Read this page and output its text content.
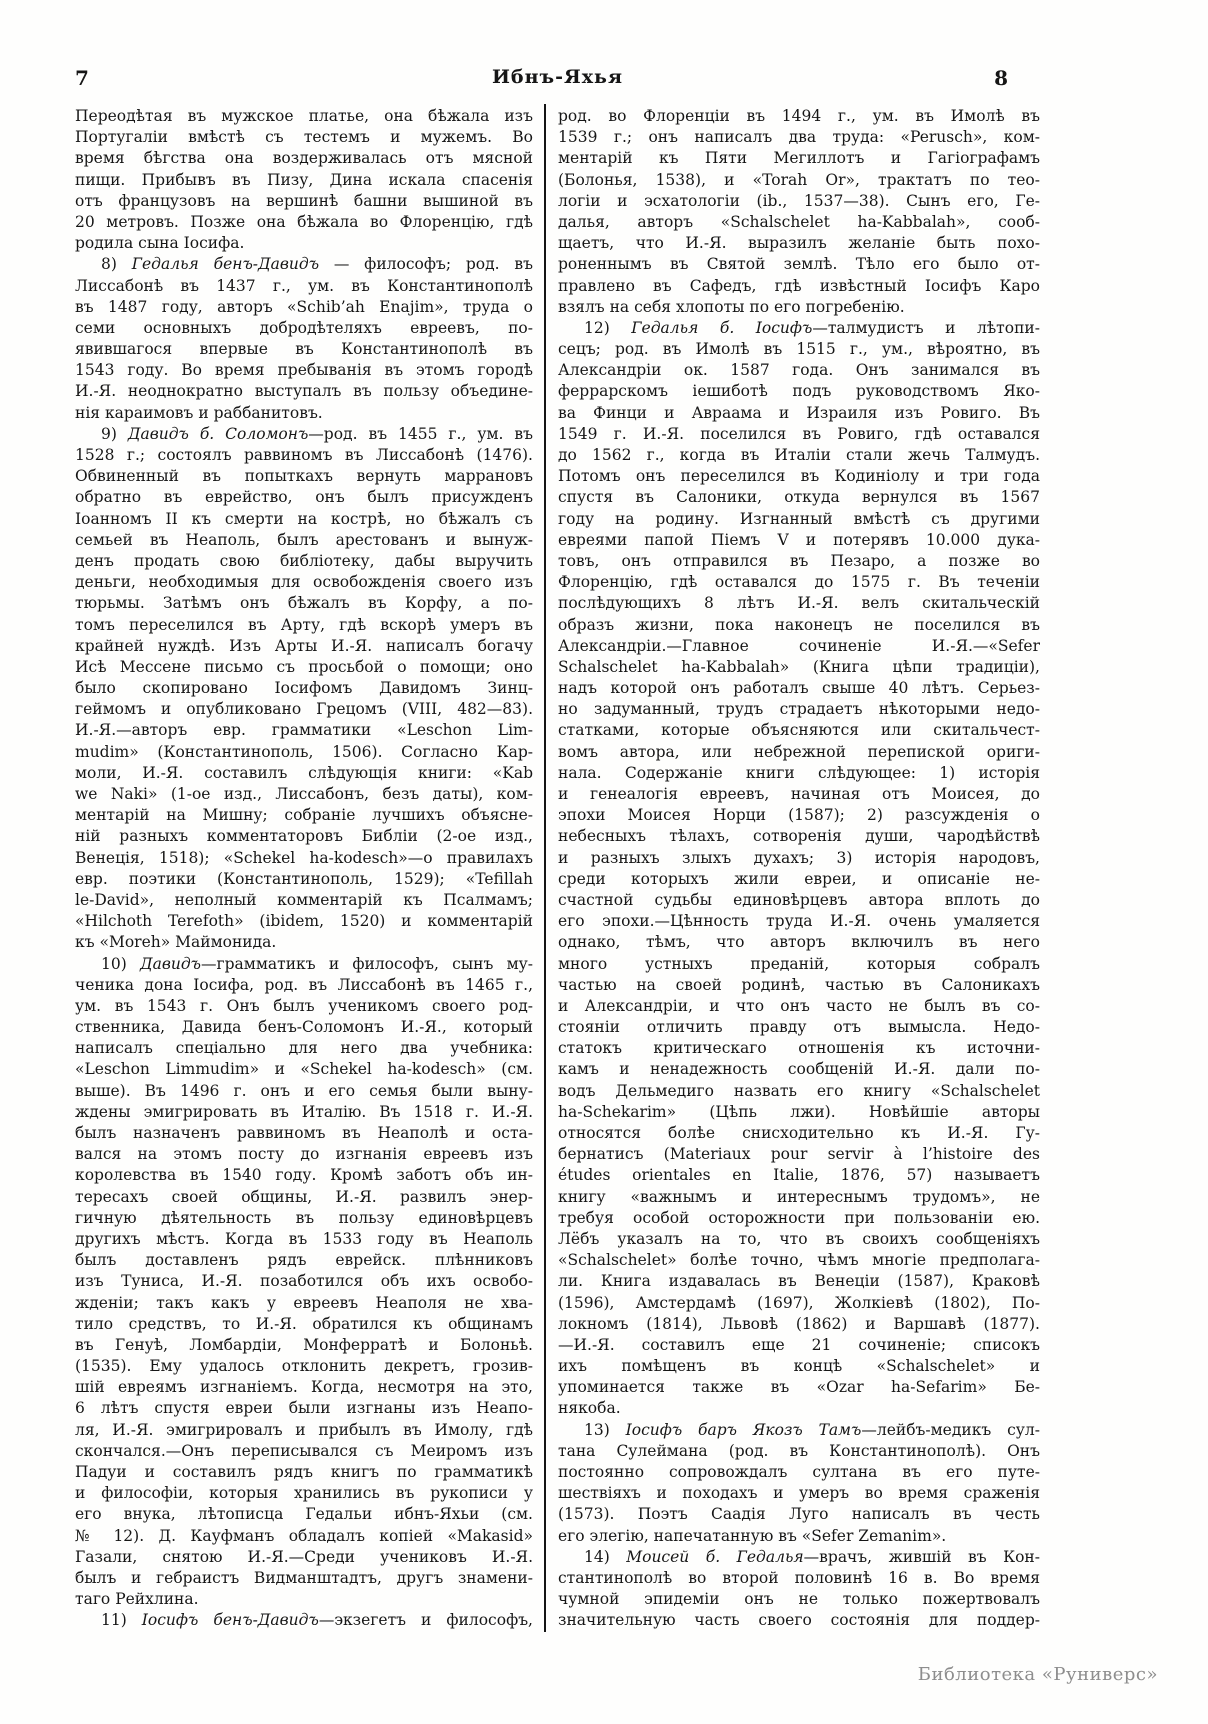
7	Ибнъ-Яхья	8
Переодѣтая въ мужское платье, она бѣжала изъ
Португаліи вмѣстѣ съ тестемъ и мужемъ. Во
время бѣгства она воздерживалась отъ мясной
пищи. Прибывъ въ Пизу, Дина искала спасенія
отъ французовъ на вершинѣ башни вышиной въ
20 метровъ. Позже она бѣжала во Флоренцію, гдѣ
родила сына Іосифа.
8) Гедалья бенъ-Давидъ — философъ; род. въ
Лиссабонѣ въ 1437 г., ум. въ Константинополѣ
въ 1487 году, авторъ «Schib’ah Enajim», труда о
семи основныхъ добродѣтеляхъ евреевъ, по-
явившагося впервые въ Константинополѣ въ
1543 году. Во время пребыванія въ этомъ городѣ
И.-Я. неоднократно выступалъ въ пользу объедине-
нія караимовъ и раббанитовъ.
9) Давидъ б. Соломонъ—род. въ 1455 г., ум. въ
1528 г.; состоялъ раввиномъ въ Лиссабонѣ (1476).
Обвиненный въ попыткахъ вернуть маррановъ
обратно въ еврейство, онъ былъ присужденъ
Іоанномъ II къ смерти на кострѣ, но бѣжалъ съ
семьей въ Неаполь, былъ арестованъ и вынуж-
денъ продать свою библіотеку, дабы выручить
деньги, необходимыя для освобожденія своего изъ
тюрьмы. Затѣмъ онъ бѣжалъ въ Корфу, а по-
томъ переселился въ Арту, гдѣ вскорѣ умеръ въ
крайней нуждѣ. Изъ Арты И.-Я. написалъ богачу
Исѣ Мессене письмо съ просьбой о помощи; оно
было скопировано Іосифомъ Давидомъ Зинц-
геймомъ и опубликовано Грецомъ (VIII, 482—83).
И.-Я.—авторъ евр. грамматики «Leschon Lim-
mudim» (Константинополь, 1506). Согласно Кар-
моли, И.-Я. составилъ слѣдующія книги: «Kab
we Naki» (1-ое изд., Лиссабонъ, безъ даты), ком-
ментарій на Мишну; собраніе лучшихъ объясне-
ній разныхъ комментаторовъ Библіи (2-ое изд.,
Венеція, 1518); «Schekel ha-kodesch»—о правилахъ
евр. поэтики (Константинополь, 1529); «Tefillah
le-David», неполный комментарій къ Псалмамъ;
«Hilchoth Terefoth» (ibidem, 1520) и комментарій
къ «Moreh» Маймонида.
10) Давидъ—грамматикъ и философъ, сынъ му-
ченика дона Іосифа, род. въ Лиссабонѣ въ 1465 г.,
ум. въ 1543 г. Онъ былъ ученикомъ своего род-
ственника, Давида бенъ-Соломонъ И.-Я., который
написалъ спеціально для него два учебника:
«Leschon Limmudim» и «Schekel ha-kodesch» (см.
выше). Въ 1496 г. онъ и его семья были выну-
ждены эмигрировать въ Италію. Въ 1518 г. И.-Я.
былъ назначенъ раввиномъ въ Неаполѣ и оста-
вался на этомъ посту до изгнанія евреевъ изъ
королевства въ 1540 году. Кромѣ заботъ объ ин-
тересахъ своей общины, И.-Я. развилъ энер-
гичную дѣятельность въ пользу единовѣрцевъ
другихъ мѣстъ. Когда въ 1533 году въ Неаполь
былъ доставленъ рядъ еврейск. плѣнниковъ
изъ Туниса, И.-Я. позаботился объ ихъ освобо-
жденіи; такъ какъ у евреевъ Неаполя не хва-
тило средствъ, то И.-Я. обратился къ общинамъ
въ Генуѣ, Ломбардіи, Монферратѣ и Болоньѣ.
(1535). Ему удалось отклонить декретъ, грозив-
шій евреямъ изгнаніемъ. Когда, несмотря на это,
6 лѣтъ спустя евреи были изгнаны изъ Неапо-
ля, И.-Я. эмигрировалъ и прибылъ въ Имолу, гдѣ
скончался.—Онъ переписывался съ Меиромъ изъ
Падуи и составилъ рядъ книгъ по грамматикѣ
и философіи, которыя хранились въ рукописи у
его внука, лѣтописца Гедальи ибнъ-Яхьи (см.
№ 12). Д. Кауфманъ обладалъ копіей «Makasid»
Газали, снятою И.-Я.—Среди учениковъ И.-Я.
былъ и гебраистъ Видманштадтъ, другъ знамени-
таго Рейхлина.
11) Іосифъ бенъ-Давидъ—экзегетъ и философъ,
род. во Флоренціи въ 1494 г., ум. въ Имолѣ въ
1539 г.; онъ написалъ два труда: «Perusch», ком-
ментарій къ Пяти Мегиллотъ и Гагіографамъ
(Болонья, 1538), и «Torah Or», трактатъ по тео-
логіи и эсхатологіи (ib., 1537—38). Сынъ его, Ге-
далья, авторъ «Schalschelet ha-Kabbalah», сооб-
щаетъ, что И.-Я. выразилъ желаніе быть похо-
роненнымъ въ Святой землѣ. Тѣло его было от-
правлено въ Сафедъ, гдѣ извѣстный Іосифъ Каро
взялъ на себя хлопоты по его погребенію.
12) Гедалья б. Іосифъ—талмудистъ и лѣтопи-
сецъ; род. въ Имолѣ въ 1515 г., ум., вѣроятно, въ
Александріи ок. 1587 года. Онъ занимался въ
феррарскомъ іешиботѣ подъ руководствомъ Яко-
ва Финци и Авраама и Израиля изъ Ровиго. Въ
1549 г. И.-Я. поселился въ Ровиго, гдѣ оставался
до 1562 г., когда въ Италіи стали жечь Талмудъ.
Потомъ онъ переселился въ Кодиніолу и три года
спустя въ Салоники, откуда вернулся въ 1567
году на родину. Изгнанный вмѣстѣ съ другими
евреями папой Піемъ V и потерявъ 10.000 дука-
товъ, онъ отправился въ Пезаро, а позже во
Флоренцію, гдѣ оставался до 1575 г. Въ теченіи
послѣдующихъ 8 лѣтъ И.-Я. велъ скитальческій
образъ жизни, пока наконецъ не поселился въ
Александріи.—Главное сочиненіе И.-Я.—«Sefer
Schalschelet ha-Kabbalah» (Книга цѣпи традиціи),
надъ которой онъ работалъ свыше 40 лѣтъ. Серьез-
но задуманный, трудъ страдаетъ нѣкоторыми недо-
статками, которые объясняются или скитальчест-
вомъ автора, или небрежной перепиской ориги-
нала. Содержаніе книги слѣдующее: 1) исторія
и генеалогія евреевъ, начиная отъ Моисея, до
эпохи Моисея Норци (1587); 2) разсужденія о
небесныхъ тѣлахъ, сотворенія души, чародѣйствѣ
и разныхъ злыхъ духахъ; 3) исторія народовъ,
среди которыхъ жили евреи, и описаніе не-
счастной судьбы единовѣрцевъ автора вплоть до
его эпохи.—Цѣнность труда И.-Я. очень умаляется
однако, тѣмъ, что авторъ включилъ въ него
много устныхъ преданій, которыя собралъ
частью на своей родинѣ, частью въ Салоникахъ
и Александріи, и что онъ часто не былъ въ со-
стояніи отличить правду отъ вымысла. Недо-
статокъ критическаго отношенія къ источни-
камъ и ненадежность сообщеній И.-Я. дали по-
водъ Дельмедиго назвать его книгу «Schalschelet
ha-Schekarim» (Цѣпь лжи). Новѣйшіе авторы
относятся болѣе снисходительно къ И.-Я. Гу-
бернатисъ (Materiaux pour servir à l’histoire des
études orientales en Italie, 1876, 57) называетъ
книгу «важнымъ и интереснымъ трудомъ», не
требуя особой осторожности при пользованіи ею.
Лёбъ указалъ на то, что въ своихъ сообщеніяхъ
«Schalschelet» болѣе точно, чѣмъ многіе предполага-
ли. Книга издавалась въ Венеціи (1587), Краковѣ
(1596), Амстердамѣ (1697), Жолкіевѣ (1802), По-
локномъ (1814), Львовѣ (1862) и Варшавѣ (1877).
—И.-Я. составилъ еще 21 сочиненіе; списокъ
ихъ помѣщенъ въ концѣ «Schalschelet» и
упоминается также въ «Ozar ha-Sefarim» Бе-
някоба.
13) Іосифъ баръ Якозъ Тамъ—лейбъ-медикъ сул-
тана Сулеймана (род. въ Константинополѣ). Онъ
постоянно сопровождалъ султана въ его путе-
шествіяхъ и походахъ и умеръ во время сраженія
(1573). Поэтъ Саадія Луго написалъ въ честь
его элегію, напечатанную въ «Sefer Zemanim».
14) Моисей б. Гедалья—врачъ, жившій въ Кон-
стантинополѣ во второй половинѣ 16 в. Во время
чумной эпидеміи онъ не только пожертвовалъ
значительную часть своего состоянія для поддер-
Библиотека «Руниверс»
